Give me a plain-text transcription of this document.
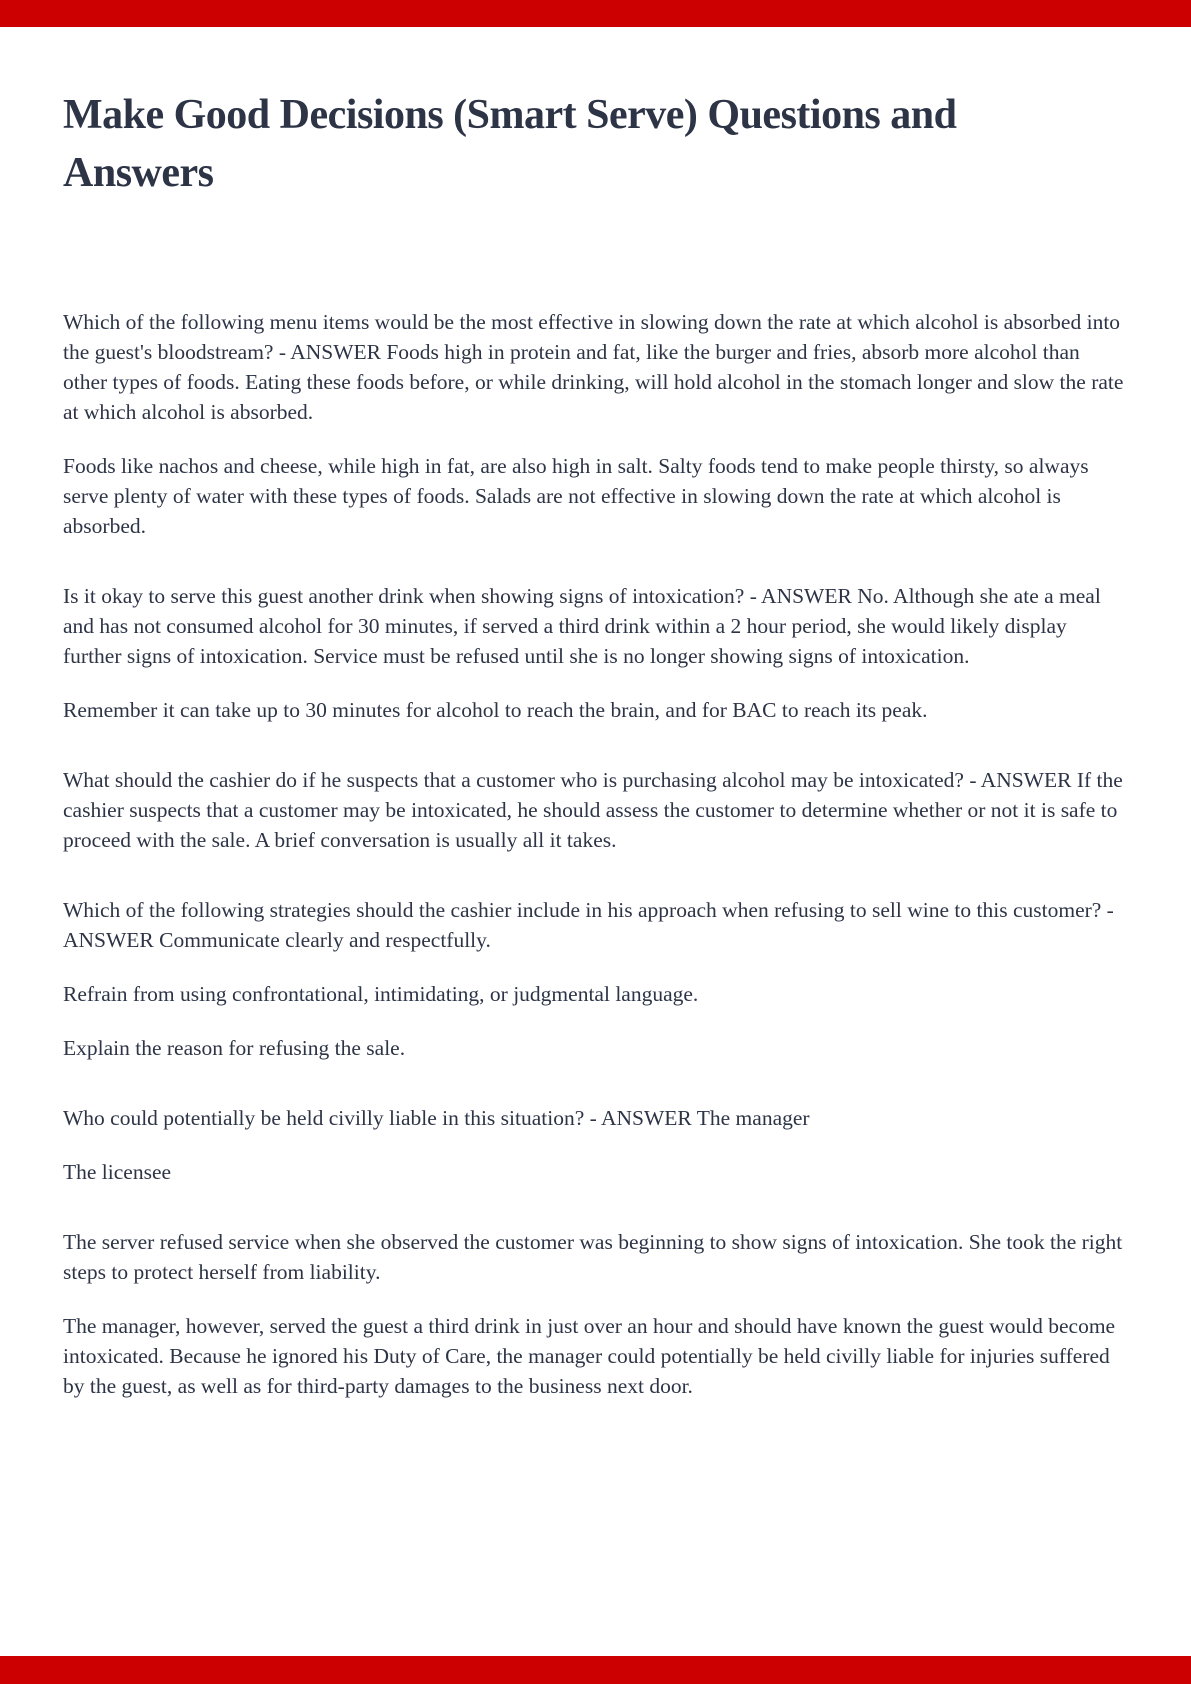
Make Good Decisions (Smart Serve) Questions and Answers

Which of the following menu items would be the most effective in slowing down the rate at which alcohol is absorbed into the guest's bloodstream? - ANSWER Foods high in protein and fat, like the burger and fries, absorb more alcohol than other types of foods. Eating these foods before, or while drinking, will hold alcohol in the stomach longer and slow the rate at which alcohol is absorbed.

Foods like nachos and cheese, while high in fat, are also high in salt. Salty foods tend to make people thirsty, so always serve plenty of water with these types of foods. Salads are not effective in slowing down the rate at which alcohol is absorbed.

Is it okay to serve this guest another drink when showing signs of intoxication? - ANSWER No. Although she ate a meal and has not consumed alcohol for 30 minutes, if served a third drink within a 2 hour period, she would likely display further signs of intoxication. Service must be refused until she is no longer showing signs of intoxication.

Remember it can take up to 30 minutes for alcohol to reach the brain, and for BAC to reach its peak.

What should the cashier do if he suspects that a customer who is purchasing alcohol may be intoxicated? - ANSWER If the cashier suspects that a customer may be intoxicated, he should assess the customer to determine whether or not it is safe to proceed with the sale. A brief conversation is usually all it takes.

Which of the following strategies should the cashier include in his approach when refusing to sell wine to this customer? - ANSWER Communicate clearly and respectfully.

Refrain from using confrontational, intimidating, or judgmental language.

Explain the reason for refusing the sale.

Who could potentially be held civilly liable in this situation? - ANSWER The manager

The licensee

The server refused service when she observed the customer was beginning to show signs of intoxication. She took the right steps to protect herself from liability.

The manager, however, served the guest a third drink in just over an hour and should have known the guest would become intoxicated. Because he ignored his Duty of Care, the manager could potentially be held civilly liable for injuries suffered by the guest, as well as for third-party damages to the business next door.
